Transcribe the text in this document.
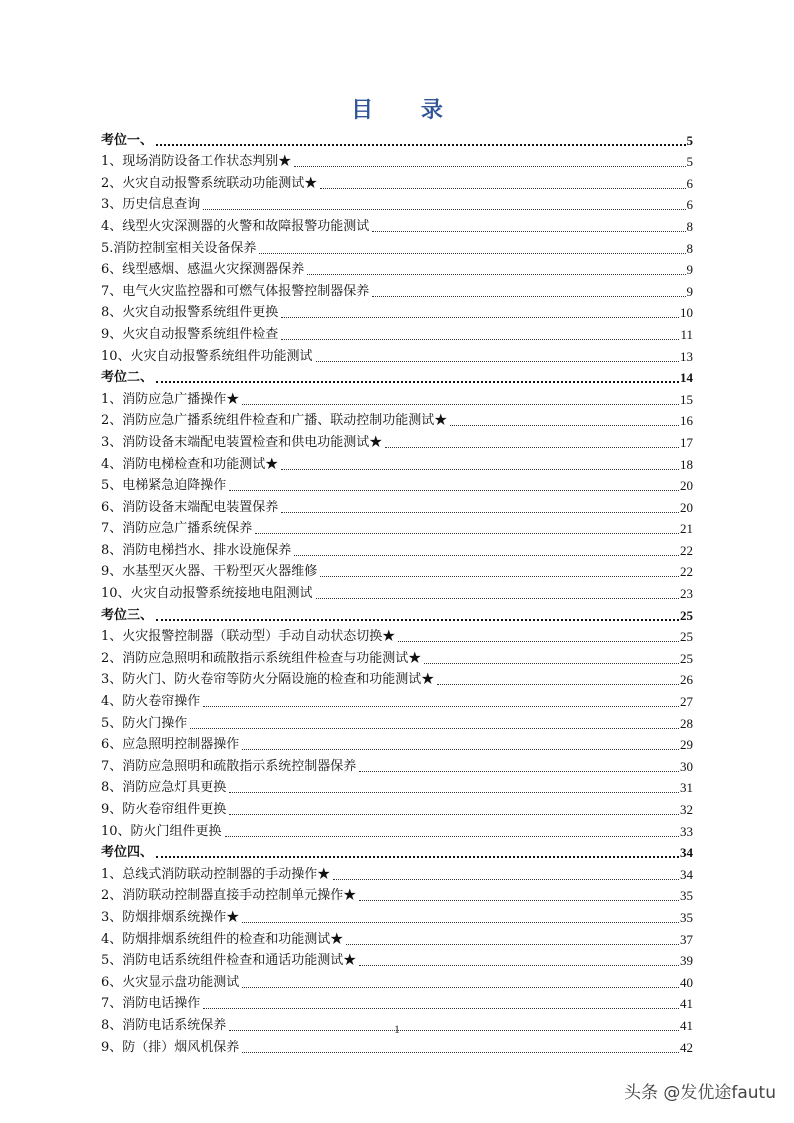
目 录
考位一、	5
1、现场消防设备工作状态判别★	5
2、火灾自动报警系统联动功能测试★	6
3、历史信息查询	6
4、线型火灾深测器的火警和故障报警功能测试	8
5.消防控制室相关设备保养	8
6、线型感烟、感温火灾探测器保养	9
7、电气火灾监控器和可燃气体报警控制器保养	9
8、火灾自动报警系统组件更换	10
9、火灾自动报警系统组件检查	11
10、火灾自动报警系统组件功能测试	13
考位二、	14
1、消防应急广播操作★	15
2、消防应急广播系统组件检查和广播、联动控制功能测试★	16
3、消防设备末端配电装置检查和供电功能测试★	17
4、消防电梯检查和功能测试★	18
5、电梯紧急迫降操作	20
6、消防设备末端配电装置保养	20
7、消防应急广播系统保养	21
8、消防电梯挡水、排水设施保养	22
9、水基型灭火器、干粉型灭火器维修	22
10、火灾自动报警系统接地电阻测试	23
考位三、	25
1、火灾报警控制器（联动型）手动自动状态切换★	25
2、消防应急照明和疏散指示系统组件检查与功能测试★	25
3、防火门、防火卷帘等防火分隔设施的检查和功能测试★	26
4、防火卷帘操作	27
5、防火门操作	28
6、应急照明控制器操作	29
7、消防应急照明和疏散指示系统控制器保养	30
8、消防应急灯具更换	31
9、防火卷帘组件更换	32
10、防火门组件更换	33
考位四、	34
1、总线式消防联动控制器的手动操作★	34
2、消防联动控制器直接手动控制单元操作★	35
3、防烟排烟系统操作★	35
4、防烟排烟系统组件的检查和功能测试★	37
5、消防电话系统组件检查和通话功能测试★	39
6、火灾显示盘功能测试	40
7、消防电话操作	41
8、消防电话系统保养	41
9、防（排）烟风机保养	42
1
头条 @发优途fautu
